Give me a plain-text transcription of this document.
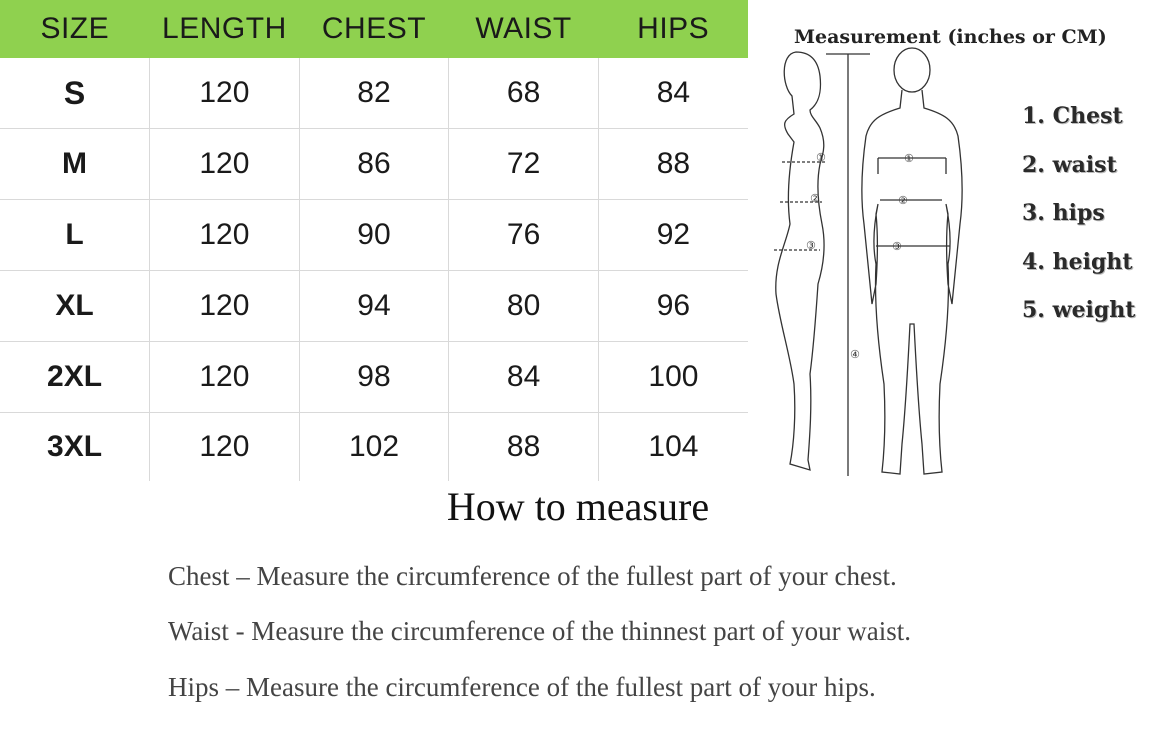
SIZE	LENGTH	CHEST	WAIST	HIPS
S	120	82	68	84
M	120	86	72	88
L	120	90	76	92
XL	120	94	80	96
2XL	120	98	84	100
3XL	120	102	88	104
①
②
③
④
①
②
③
Measurement (inches or CM)
1. Chest
2. waist
3. hips
4. height
5. weight
How to measure
Chest – Measure the circumference of the fullest part of your chest.
Waist - Measure the circumference of the thinnest part of your waist.
Hips – Measure the circumference of the fullest part of your hips.
